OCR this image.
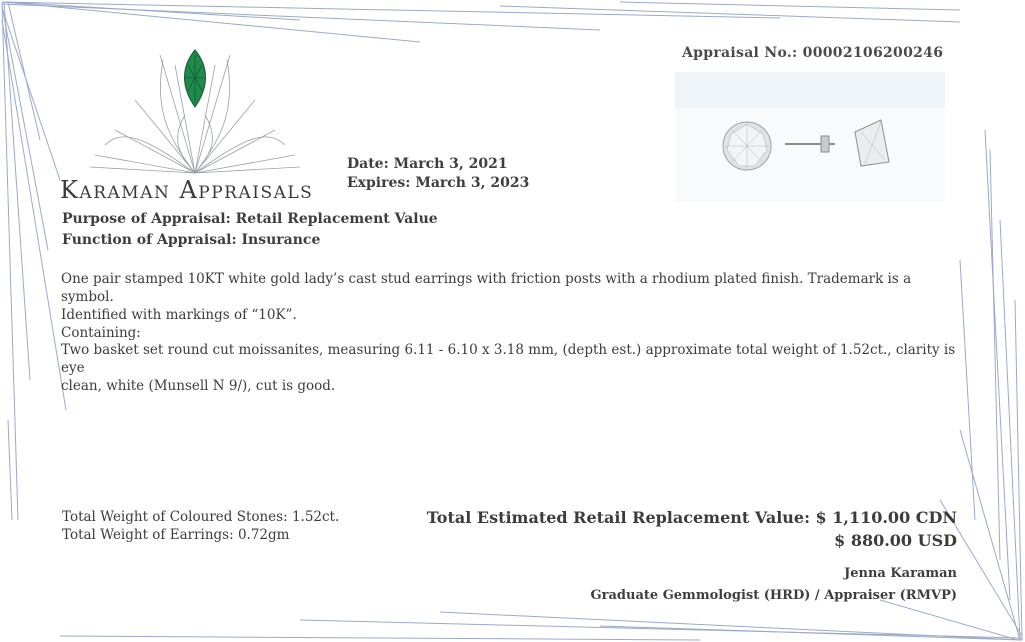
Karaman Appraisals
Appraisal No.: 00002106200246
Date: March 3, 2021
Expires: March 3, 2023
Purpose of Appraisal: Retail Replacement Value
Function of Appraisal: Insurance
One pair stamped 10KT white gold lady’s cast stud earrings with friction posts with a rhodium plated finish. Trademark is a symbol.
Identified with markings of “10K”.
Containing:
Two basket set round cut moissanites, measuring 6.11 - 6.10 x 3.18 mm, (depth est.) approximate total weight of 1.52ct., clarity is eye
clean, white (Munsell N 9/), cut is good.
Total Weight of Coloured Stones: 1.52ct.
Total Weight of Earrings: 0.72gm
Total Estimated Retail Replacement Value: $ 1,110.00 CDN
$ 880.00 USD
Jenna Karaman
Graduate Gemmologist (HRD) / Appraiser (RMVP)
